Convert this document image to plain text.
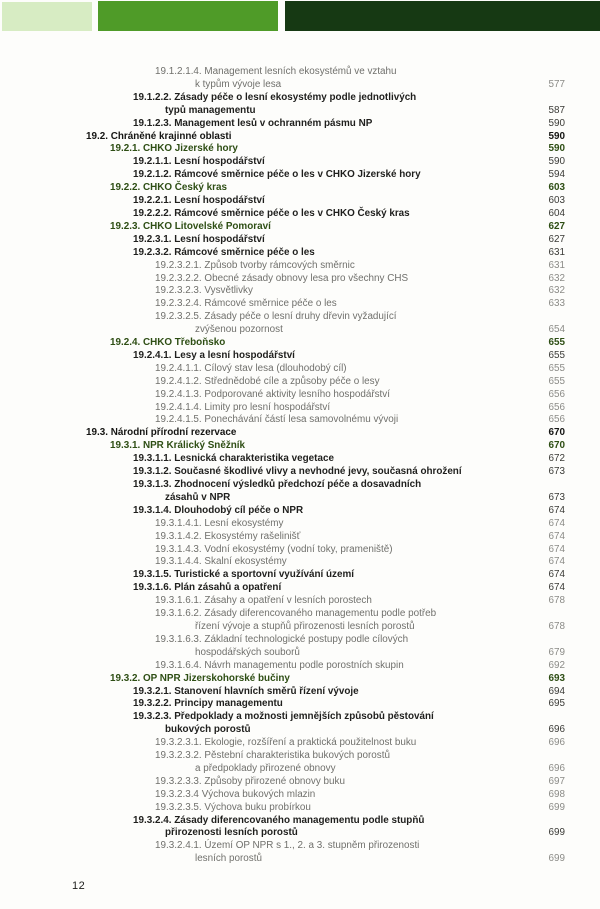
19.1.2.1.4. Management lesních ekosystémů ve vztahu
k typům vývoje lesa	577
19.1.2.2. Zásady péče o lesní ekosystémy podle jednotlivých
typů managementu	587
19.1.2.3. Management lesů v ochranném pásmu NP	590
19.2. Chráněné krajinné oblasti	590
19.2.1. CHKO Jizerské hory	590
19.2.1.1. Lesní hospodářství	590
19.2.1.2. Rámcové směrnice péče o les v CHKO Jizerské hory	594
19.2.2. CHKO Český kras	603
19.2.2.1. Lesní hospodářství	603
19.2.2.2. Rámcové směrnice péče o les v CHKO Český kras	604
19.2.3. CHKO Litovelské Pomoraví	627
19.2.3.1. Lesní hospodářství	627
19.2.3.2. Rámcové směrnice péče o les	631
19.2.3.2.1. Způsob tvorby rámcových směrnic	631
19.2.3.2.2. Obecné zásady obnovy lesa pro všechny CHS	632
19.2.3.2.3. Vysvětlivky	632
19.2.3.2.4. Rámcové směrnice péče o les	633
19.2.3.2.5. Zásady péče o lesní druhy dřevin vyžadující
zvýšenou pozornost	654
19.2.4. CHKO Třeboňsko	655
19.2.4.1. Lesy a lesní hospodářství	655
19.2.4.1.1. Cílový stav lesa (dlouhodobý cíl)	655
19.2.4.1.2. Střednědobé cíle a způsoby péče o lesy	655
19.2.4.1.3. Podporované aktivity lesního hospodářství	656
19.2.4.1.4. Limity pro lesní hospodářství	656
19.2.4.1.5. Ponechávání částí lesa samovolnému vývoji	656
19.3. Národní přírodní rezervace	670
19.3.1. NPR Králický Sněžník	670
19.3.1.1. Lesnická charakteristika vegetace	672
19.3.1.2. Současné škodlivé vlivy a nevhodné jevy, současná ohrožení	673
19.3.1.3. Zhodnocení výsledků předchozí péče a dosavadních
zásahů v NPR	673
19.3.1.4. Dlouhodobý cíl péče o NPR	674
19.3.1.4.1. Lesní ekosystémy	674
19.3.1.4.2. Ekosystémy rašelinišť	674
19.3.1.4.3. Vodní ekosystémy (vodní toky, prameniště)	674
19.3.1.4.4. Skalní ekosystémy	674
19.3.1.5. Turistické a sportovní využívání území	674
19.3.1.6. Plán zásahů a opatření	674
19.3.1.6.1. Zásahy a opatření v lesních porostech	678
19.3.1.6.2. Zásady diferencovaného managementu podle potřeb
řízení vývoje a stupňů přirozenosti lesních porostů	678
19.3.1.6.3. Základní technologické postupy podle cílových
hospodářských souborů	679
19.3.1.6.4. Návrh managementu podle porostních skupin	692
19.3.2. OP NPR Jizerskohorské bučiny	693
19.3.2.1. Stanovení hlavních směrů řízení vývoje	694
19.3.2.2. Principy managementu	695
19.3.2.3. Předpoklady a možnosti jemnějších způsobů pěstování
bukových porostů	696
19.3.2.3.1. Ekologie, rozšíření a praktická použitelnost buku	696
19.3.2.3.2. Pěstební charakteristika bukových porostů
a předpoklady přirozené obnovy	696
19.3.2.3.3. Způsoby přirozené obnovy buku	697
19.3.2.3.4 Výchova bukových mlazin	698
19.3.2.3.5. Výchova buku probírkou	699
19.3.2.4. Zásady diferencovaného managementu podle stupňů
přirozenosti lesních porostů	699
19.3.2.4.1. Území OP NPR s 1., 2. a 3. stupněm přirozenosti
lesních porostů	699
12
